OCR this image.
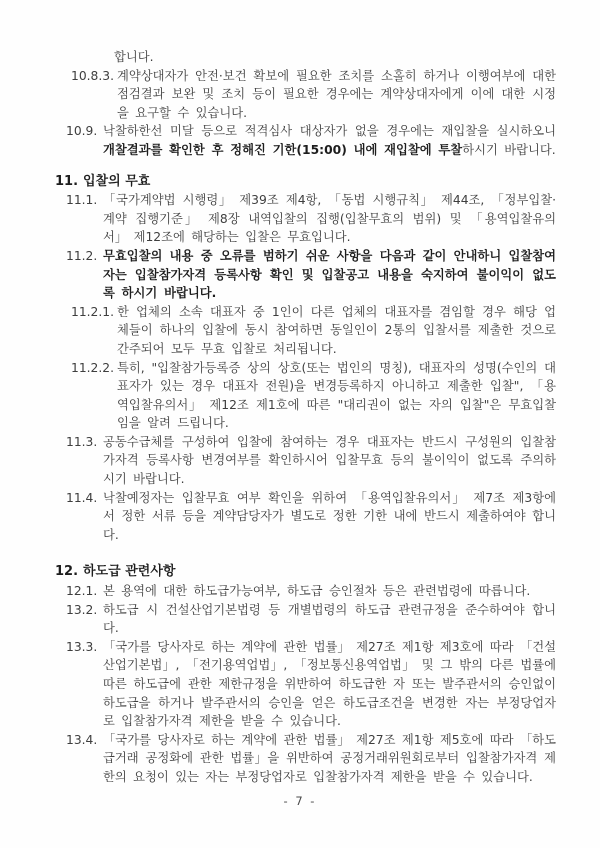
합니다.
10.8.3. 계약상대자가 안전·보건 확보에 필요한 조치를 소홀히 하거나 이행여부에 대한 점검결과 보완 및 조치 등이 필요한 경우에는 계약상대자에게 이에 대한 시정을 요구할 수 있습니다.
10.9. 낙찰하한선 미달 등으로 적격심사 대상자가 없을 경우에는 재입찰을 실시하오니 개찰결과를 확인한 후 정해진 기한(15:00) 내에 재입찰에 투찰하시기 바랍니다.
11. 입찰의 무효
11.1. 「국가계약법 시행령」 제39조 제4항, 「동법 시행규칙」 제44조, 「정부입찰·계약 집행기준」 제8장 내역입찰의 집행(입찰무효의 범위) 및 「용역입찰유의서」 제12조에 해당하는 입찰은 무효입니다.
11.2. 무효입찰의 내용 중 오류를 범하기 쉬운 사항을 다음과 같이 안내하니 입찰참여자는 입찰참가자격 등록사항 확인 및 입찰공고 내용을 숙지하여 불이익이 없도록 하시기 바랍니다.
11.2.1. 한 업체의 소속 대표자 중 1인이 다른 업체의 대표자를 겸임할 경우 해당 업체들이 하나의 입찰에 동시 참여하면 동일인이 2통의 입찰서를 제출한 것으로 간주되어 모두 무효 입찰로 처리됩니다.
11.2.2. 특히, "입찰참가등록증 상의 상호(또는 법인의 명칭), 대표자의 성명(수인의 대표자가 있는 경우 대표자 전원)을 변경등록하지 아니하고 제출한 입찰", 「용역입찰유의서」 제12조 제1호에 따른 "대리권이 없는 자의 입찰"은 무효입찰임을 알려 드립니다.
11.3. 공동수급체를 구성하여 입찰에 참여하는 경우 대표자는 반드시 구성원의 입찰참가자격 등록사항 변경여부를 확인하시어 입찰무효 등의 불이익이 없도록 주의하시기 바랍니다.
11.4. 낙찰예정자는 입찰무효 여부 확인을 위하여 「용역입찰유의서」 제7조 제3항에서 정한 서류 등을 계약담당자가 별도로 정한 기한 내에 반드시 제출하여야 합니다.
12. 하도급 관련사항
12.1. 본 용역에 대한 하도급가능여부, 하도급 승인절차 등은 관련법령에 따릅니다.
13.2. 하도급 시 건설산업기본법령 등 개별법령의 하도급 관련규정을 준수하여야 합니다.
13.3. 「국가를 당사자로 하는 계약에 관한 법률」 제27조 제1항 제3호에 따라 「건설산업기본법」, 「전기용역업법」, 「정보통신용역업법」 및 그 밖의 다른 법률에 따른 하도급에 관한 제한규정을 위반하여 하도급한 자 또는 발주관서의 승인없이 하도급을 하거나 발주관서의 승인을 얻은 하도급조건을 변경한 자는 부정당업자로 입찰참가자격 제한을 받을 수 있습니다.
13.4. 「국가를 당사자로 하는 계약에 관한 법률」 제27조 제1항 제5호에 따라 「하도급거래 공정화에 관한 법률」을 위반하여 공정거래위원회로부터 입찰참가자격 제한의 요청이 있는 자는 부정당업자로 입찰참가자격 제한을 받을 수 있습니다.
- 7 -
